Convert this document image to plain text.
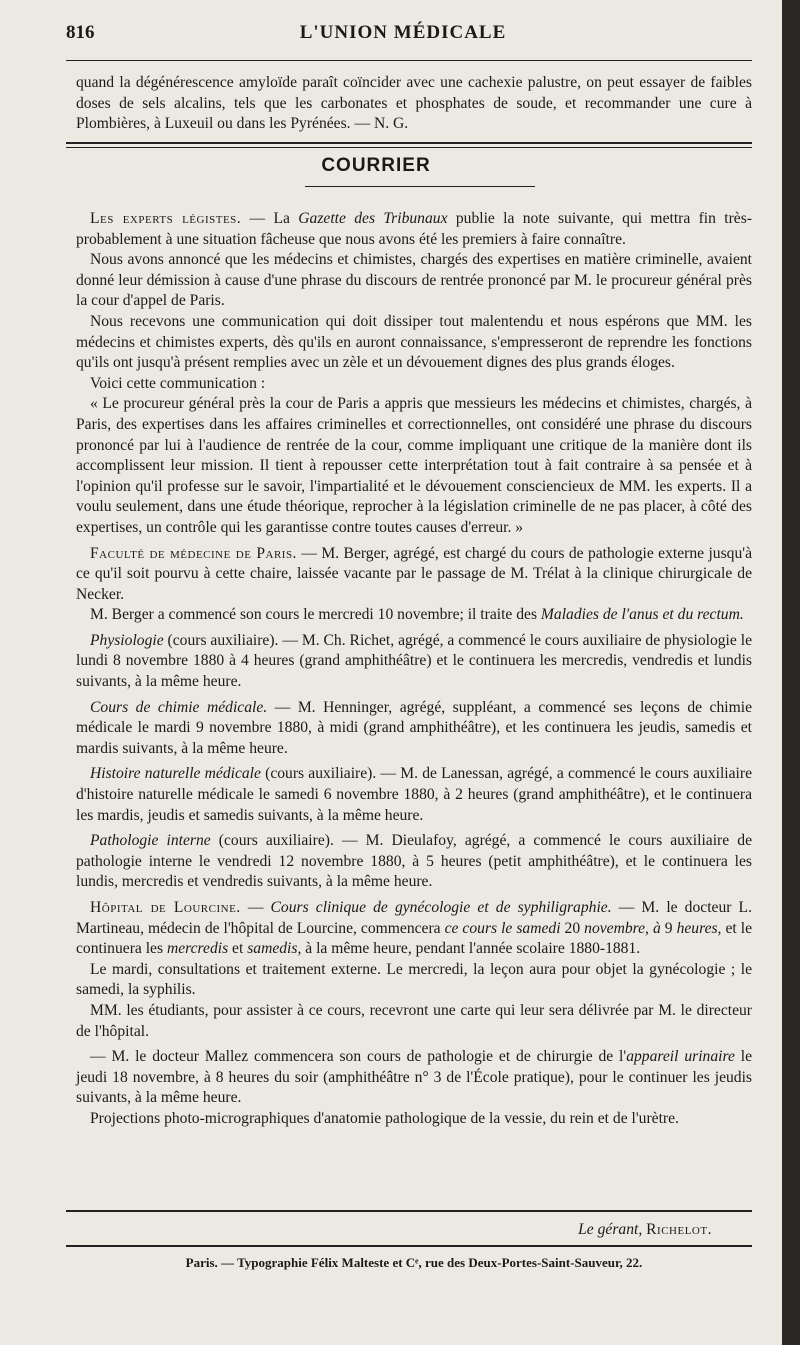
816	L'UNION MÉDICALE

quand la dégénérescence amyloïde paraît coïncider avec une cachexie palustre, on peut essayer de faibles doses de sels alcalins, tels que les carbonates et phosphates de soude, et recommander une cure à Plombières, à Luxeuil ou dans les Pyrénées. — N. G.

COURRIER

Les experts légistes. — La Gazette des Tribunaux publie la note suivante, qui mettra fin très-probablement à une situation fâcheuse que nous avons été les premiers à faire connaître.

Nous avons annoncé que les médecins et chimistes, chargés des expertises en matière criminelle, avaient donné leur démission à cause d'une phrase du discours de rentrée prononcé par M. le procureur général près la cour d'appel de Paris.

Nous recevons une communication qui doit dissiper tout malentendu et nous espérons que MM. les médecins et chimistes experts, dès qu'ils en auront connaissance, s'empresseront de reprendre les fonctions qu'ils ont jusqu'à présent remplies avec un zèle et un dévouement dignes des plus grands éloges.

Voici cette communication :

« Le procureur général près la cour de Paris a appris que messieurs les médecins et chimistes, chargés, à Paris, des expertises dans les affaires criminelles et correctionnelles, ont considéré une phrase du discours prononcé par lui à l'audience de rentrée de la cour, comme impliquant une critique de la manière dont ils accomplissent leur mission. Il tient à repousser cette interprétation tout à fait contraire à sa pensée et à l'opinion qu'il professe sur le savoir, l'impartialité et le dévouement consciencieux de MM. les experts. Il a voulu seulement, dans une étude théorique, reprocher à la législation criminelle de ne pas placer, à côté des expertises, un contrôle qui les garantisse contre toutes causes d'erreur. »

Faculté de médecine de Paris. — M. Berger, agrégé, est chargé du cours de pathologie externe jusqu'à ce qu'il soit pourvu à cette chaire, laissée vacante par le passage de M. Trélat à la clinique chirurgicale de Necker.

M. Berger a commencé son cours le mercredi 10 novembre; il traite des Maladies de l'anus et du rectum.

Physiologie (cours auxiliaire). — M. Ch. Richet, agrégé, a commencé le cours auxiliaire de physiologie le lundi 8 novembre 1880 à 4 heures (grand amphithéâtre) et le continuera les mercredis, vendredis et lundis suivants, à la même heure.

Cours de chimie médicale. — M. Henninger, agrégé, suppléant, a commencé ses leçons de chimie médicale le mardi 9 novembre 1880, à midi (grand amphithéâtre), et les continuera les jeudis, samedis et mardis suivants, à la même heure.

Histoire naturelle médicale (cours auxiliaire). — M. de Lanessan, agrégé, a commencé le cours auxiliaire d'histoire naturelle médicale le samedi 6 novembre 1880, à 2 heures (grand amphithéâtre), et le continuera les mardis, jeudis et samedis suivants, à la même heure.

Pathologie interne (cours auxiliaire). — M. Dieulafoy, agrégé, a commencé le cours auxiliaire de pathologie interne le vendredi 12 novembre 1880, à 5 heures (petit amphithéâtre), et le continuera les lundis, mercredis et vendredis suivants, à la même heure.

Hôpital de Lourcine. — Cours clinique de gynécologie et de syphiligraphie. — M. le docteur L. Martineau, médecin de l'hôpital de Lourcine, commencera ce cours le samedi 20 novembre, à 9 heures, et le continuera les mercredis et samedis, à la même heure, pendant l'année scolaire 1880-1881.

Le mardi, consultations et traitement externe. Le mercredi, la leçon aura pour objet la gynécologie ; le samedi, la syphilis.

MM. les étudiants, pour assister à ce cours, recevront une carte qui leur sera délivrée par M. le directeur de l'hôpital.

— M. le docteur Mallez commencera son cours de pathologie et de chirurgie de l'appareil urinaire le jeudi 18 novembre, à 8 heures du soir (amphithéâtre n° 3 de l'École pratique), pour le continuer les jeudis suivants, à la même heure.

Projections photo-micrographiques d'anatomie pathologique de la vessie, du rein et de l'urètre.

Le gérant, Richelot.

Paris. — Typographie Félix Malteste et Cᵉ, rue des Deux-Portes-Saint-Sauveur, 22.
